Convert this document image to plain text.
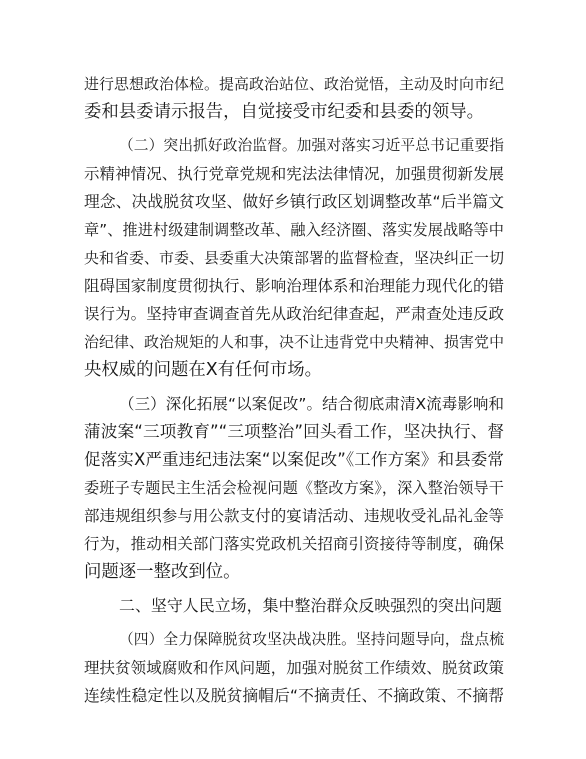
进行思想政治体检。提高政治站位、政治觉悟，主动及时向市纪
委和县委请示报告，自觉接受市纪委和县委的领导。
（二）突出抓好政治监督。加强对落实习近平总书记重要指
示精神情况、执行党章党规和宪法法律情况，加强贯彻新发展
理念、决战脱贫攻坚、做好乡镇行政区划调整改革“后半篇文
章”、推进村级建制调整改革、融入经济圈、落实发展战略等中
央和省委、市委、县委重大决策部署的监督检查，坚决纠正一切
阻碍国家制度贯彻执行、影响治理体系和治理能力现代化的错
误行为。坚持审查调查首先从政治纪律查起，严肃查处违反政
治纪律、政治规矩的人和事，决不让违背党中央精神、损害党中
央权威的问题在X有任何市场。
（三）深化拓展“以案促改”。结合彻底肃清X流毒影响和
蒲波案“三项教育”“三项整治”回头看工作，坚决执行、督
促落实X严重违纪违法案“以案促改”《工作方案》和县委常
委班子专题民主生活会检视问题《整改方案》，深入整治领导干
部违规组织参与用公款支付的宴请活动、违规收受礼品礼金等
行为，推动相关部门落实党政机关招商引资接待等制度，确保
问题逐一整改到位。
二、坚守人民立场，集中整治群众反映强烈的突出问题
（四）全力保障脱贫攻坚决战决胜。坚持问题导向，盘点梳
理扶贫领域腐败和作风问题，加强对脱贫工作绩效、脱贫政策
连续性稳定性以及脱贫摘帽后“不摘责任、不摘政策、不摘帮
